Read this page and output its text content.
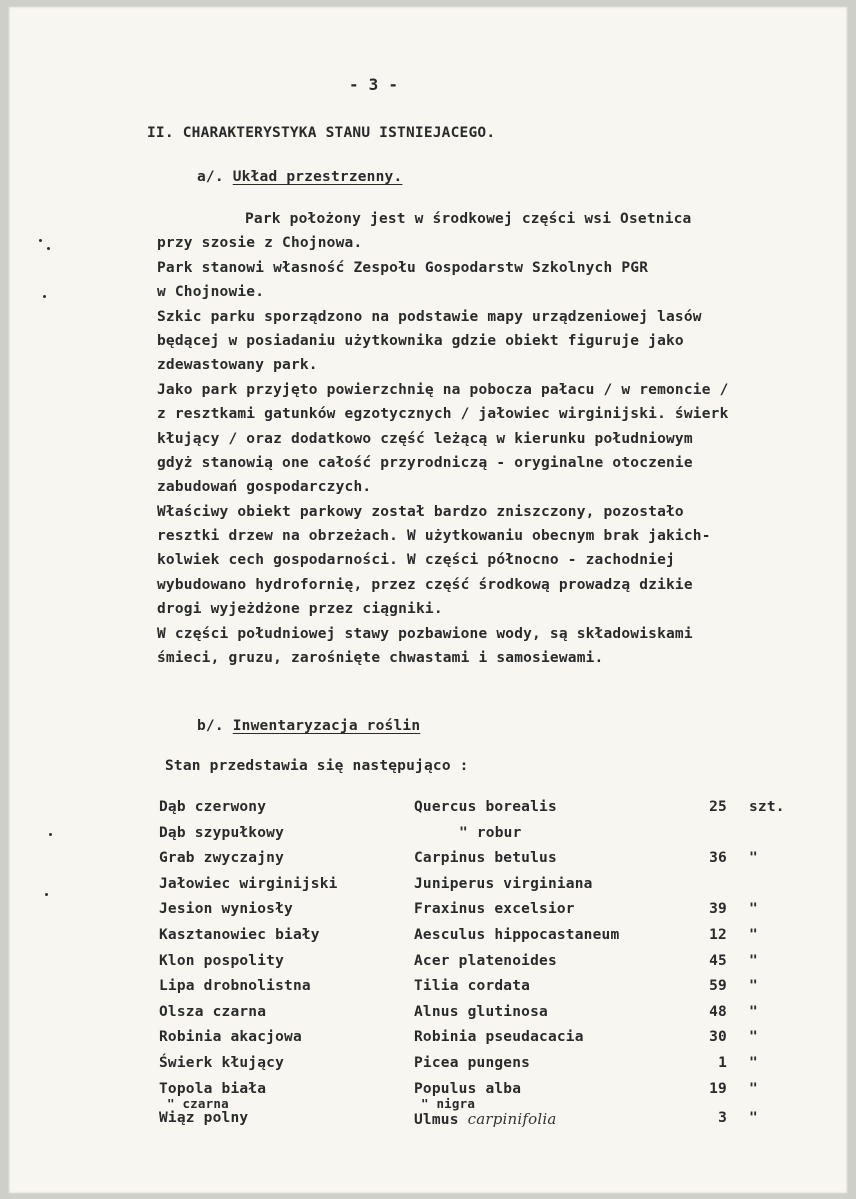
- 3 -
II. CHARAKTERYSTYKA STANU ISTNIEJACEGO.
a/. Układ przestrzenny.
Park położony jest w środkowej części wsi Osetnica
przy szosie z Chojnowa.
Park stanowi własność Zespołu Gospodarstw Szkolnych PGR
w Chojnowie.
Szkic parku sporządzono na podstawie mapy urządzeniowej lasów
będącej w posiadaniu użytkownika gdzie obiekt figuruje jako
zdewastowany park.
Jako park przyjęto powierzchnię na pobocza pałacu / w remoncie /
z resztkami gatunków egzotycznych / jałowiec wirginijski. świerk
kłujący / oraz dodatkowo część leżącą w kierunku południowym
gdyż stanowią one całość przyrodniczą - oryginalne otoczenie
zabudowań gospodarczych.
Właściwy obiekt parkowy został bardzo zniszczony, pozostało
resztki drzew na obrzeżach. W użytkowaniu obecnym brak jakich-
kolwiek cech gospodarności. W części północno - zachodniej
wybudowano hydrofornię, przez część środkową prowadzą dzikie
drogi wyjeżdżone przez ciągniki.
W części południowej stawy pozbawione wody, są składowiskami
śmieci, gruzu, zarośnięte chwastami i samosiewami.
b/. Inwentaryzacja roślin
Stan przedstawia się następująco :
Dąb czerwony	Quercus borealis	25 szt.
Dąb szypułkowy	" robur
Grab zwyczajny	Carpinus betulus	36 "
Jałowiec wirginijski	Juniperus virginiana
Jesion wyniosły	Fraxinus excelsior	39 "
Kasztanowiec biały	Aesculus hippocastaneum	12 "
Klon pospolity	Acer platenoides	45 "
Lipa drobnolistna	Tilia cordata	59 "
Olsza czarna	Alnus glutinosa	48 "
Robinia akacjowa	Robinia pseudacacia	30 "
Świerk kłujący	Picea pungens	1 "
Topola biała	Populus alba	19 "
" czarna	" nigra
Wiąz polny	Ulmus carpinifolia	3 "
